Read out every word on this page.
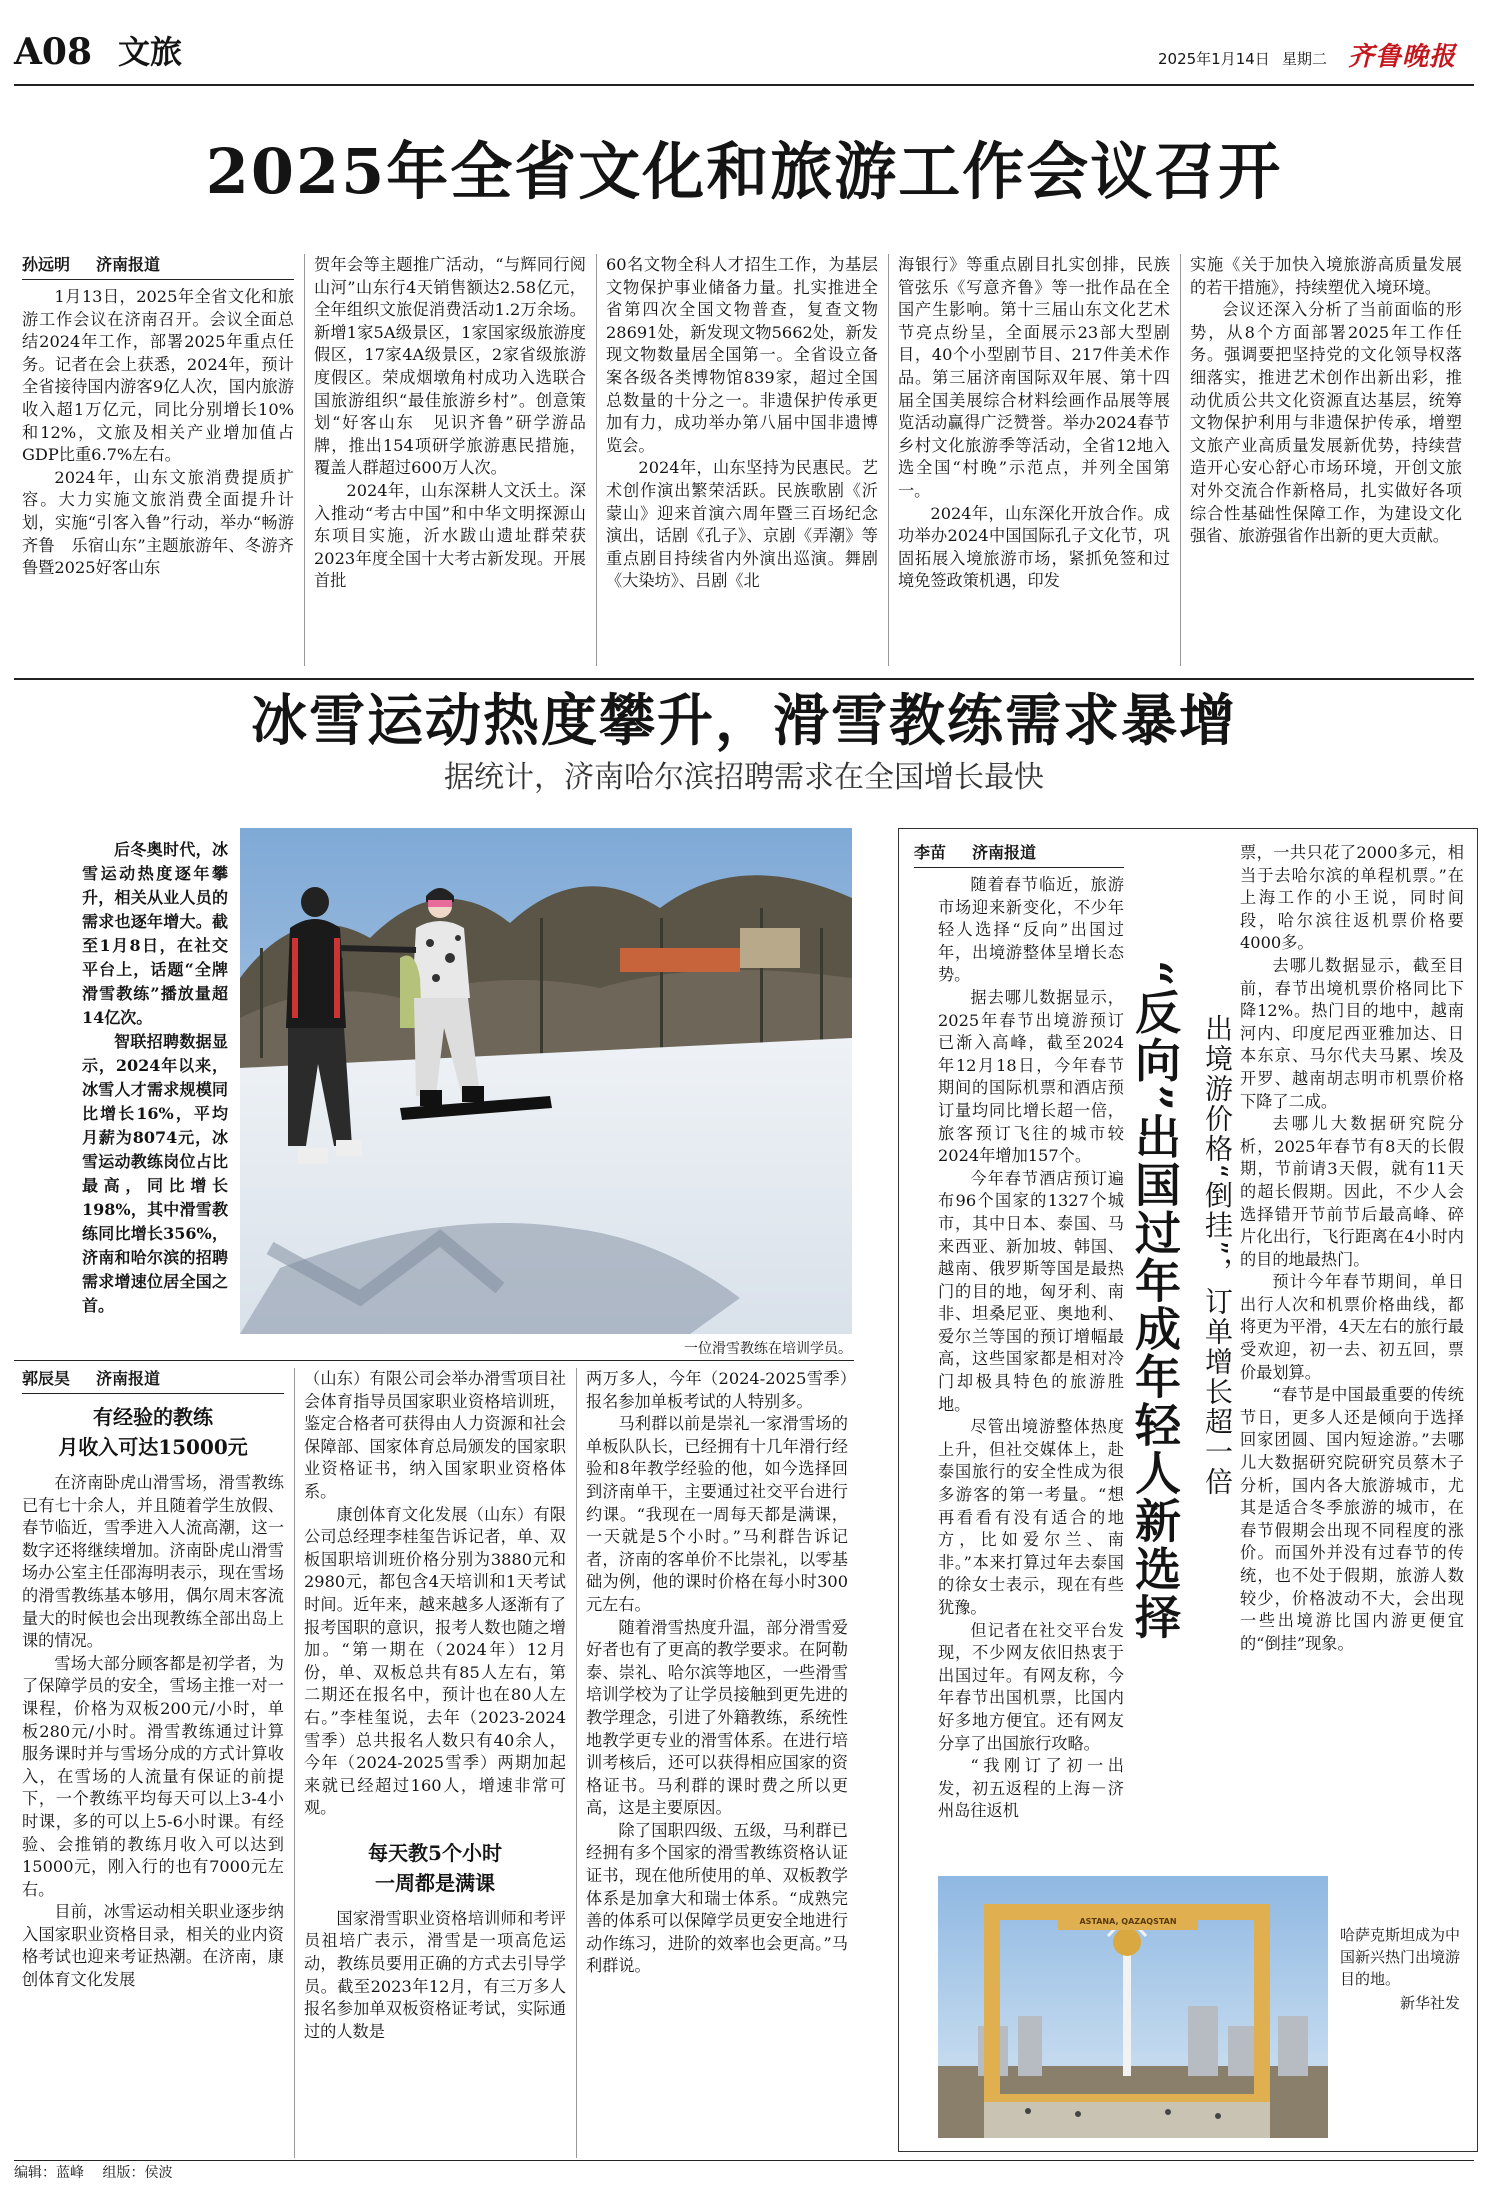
A08 文旅	2025年1月14日 星期二 齐鲁晚报
2025年全省文化和旅游工作会议召开
孙远明 济南报道

1月13日，2025年全省文化和旅游工作会议在济南召开。会议全面总结2024年工作，部署2025年重点任务。记者在会上获悉，2024年，预计全省接待国内游客9亿人次，国内旅游收入超1万亿元，同比分别增长10%和12%，文旅及相关产业增加值占GDP比重6.7%左右。

2024年，山东文旅消费提质扩容。大力实施文旅消费全面提升计划，实施“引客入鲁”行动，举办“畅游齐鲁　乐宿山东”主题旅游年、冬游齐鲁暨2025好客山东

贺年会等主题推广活动，“与辉同行阅山河”山东行4天销售额达2.58亿元，全年组织文旅促消费活动1.2万余场。新增1家5A级景区，1家国家级旅游度假区，17家4A级景区，2家省级旅游度假区。荣成烟墩角村成功入选联合国旅游组织“最佳旅游乡村”。创意策划“好客山东　见识齐鲁”研学游品牌，推出154项研学旅游惠民措施，覆盖人群超过600万人次。

2024年，山东深耕人文沃土。深入推动“考古中国”和中华文明探源山东项目实施，沂水跋山遗址群荣获2023年度全国十大考古新发现。开展首批

60名文物全科人才招生工作，为基层文物保护事业储备力量。扎实推进全省第四次全国文物普查，复查文物28691处，新发现文物5662处，新发现文物数量居全国第一。全省设立备案各级各类博物馆839家，超过全国总数量的十分之一。非遗保护传承更加有力，成功举办第八届中国非遗博览会。

2024年，山东坚持为民惠民。艺术创作演出繁荣活跃。民族歌剧《沂蒙山》迎来首演六周年暨三百场纪念演出，话剧《孔子》、京剧《弄潮》等重点剧目持续省内外演出巡演。舞剧《大染坊》、吕剧《北

海银行》等重点剧目扎实创排，民族管弦乐《写意齐鲁》等一批作品在全国产生影响。第十三届山东文化艺术节亮点纷呈，全面展示23部大型剧目，40个小型剧节目、217件美术作品。第三届济南国际双年展、第十四届全国美展综合材料绘画作品展等展览活动赢得广泛赞誉。举办2024春节乡村文化旅游季等活动，全省12地入选全国“村晚”示范点，并列全国第一。

2024年，山东深化开放合作。成功举办2024中国国际孔子文化节，巩固拓展入境旅游市场，紧抓免签和过境免签政策机遇，印发

实施《关于加快入境旅游高质量发展的若干措施》，持续塑优入境环境。

会议还深入分析了当前面临的形势，从8个方面部署2025年工作任务。强调要把坚持党的文化领导权落细落实，推进艺术创作出新出彩，推动优质公共文化资源直达基层，统筹文物保护利用与非遗保护传承，增塑文旅产业高质量发展新优势，持续营造开心安心舒心市场环境，开创文旅对外交流合作新格局，扎实做好各项综合性基础性保障工作，为建设文化强省、旅游强省作出新的更大贡献。

冰雪运动热度攀升，滑雪教练需求暴增
据统计，济南哈尔滨招聘需求在全国增长最快

后冬奥时代，冰雪运动热度逐年攀升，相关从业人员的需求也逐年增大。截至1月8日，在社交平台上，话题“全牌滑雪教练”播放量超14亿次。

智联招聘数据显示，2024年以来，冰雪人才需求规模同比增长16%，平均月薪为8074元，冰雪运动教练岗位占比最高，同比增长198%，其中滑雪教练同比增长356%，济南和哈尔滨的招聘需求增速位居全国之首。

一位滑雪教练在培训学员。
郭辰昊 济南报道
有经验的教练
月收入可达15000元

在济南卧虎山滑雪场，滑雪教练已有七十余人，并且随着学生放假、春节临近，雪季进入人流高潮，这一数字还将继续增加。济南卧虎山滑雪场办公室主任邵海明表示，现在雪场的滑雪教练基本够用，偶尔周末客流量大的时候也会出现教练全部出岛上课的情况。

雪场大部分顾客都是初学者，为了保障学员的安全，雪场主推一对一课程，价格为双板200元/小时，单板280元/小时。滑雪教练通过计算服务课时并与雪场分成的方式计算收入，在雪场的人流量有保证的前提下，一个教练平均每天可以上3-4小时课，多的可以上5-6小时课。有经验、会推销的教练月收入可以达到15000元，刚入行的也有7000元左右。

目前，冰雪运动相关职业逐步纳入国家职业资格目录，相关的业内资格考试也迎来考证热潮。在济南，康创体育文化发展

（山东）有限公司会举办滑雪项目社会体育指导员国家职业资格培训班，鉴定合格者可获得由人力资源和社会保障部、国家体育总局颁发的国家职业资格证书，纳入国家职业资格体系。

康创体育文化发展（山东）有限公司总经理李桂玺告诉记者，单、双板国职培训班价格分别为3880元和2980元，都包含4天培训和1天考试时间。近年来，越来越多人逐渐有了报考国职的意识，报考人数也随之增加。“第一期在（2024年）12月份，单、双板总共有85人左右，第二期还在报名中，预计也在80人左右。”李桂玺说，去年（2023-2024雪季）总共报名人数只有40余人，今年（2024-2025雪季）两期加起来就已经超过160人，增速非常可观。

每天教5个小时
一周都是满课

国家滑雪职业资格培训师和考评员祖培广表示，滑雪是一项高危运动，教练员要用正确的方式去引导学员。截至2023年12月，有三万多人报名参加单双板资格证考试，实际通过的人数是

两万多人，今年（2024-2025雪季）报名参加单板考试的人特别多。

马利群以前是崇礼一家滑雪场的单板队队长，已经拥有十几年滑行经验和8年教学经验的他，如今选择回到济南单干，主要通过社交平台进行约课。“我现在一周每天都是满课，一天就是5个小时。”马利群告诉记者，济南的客单价不比崇礼，以零基础为例，他的课时价格在每小时300元左右。

随着滑雪热度升温，部分滑雪爱好者也有了更高的教学要求。在阿勒泰、崇礼、哈尔滨等地区，一些滑雪培训学校为了让学员接触到更先进的教学理念，引进了外籍教练，系统性地教学更专业的滑雪体系。在进行培训考核后，还可以获得相应国家的资格证书。马利群的课时费之所以更高，这是主要原因。

除了国职四级、五级，马利群已经拥有多个国家的滑雪教练资格认证证书，现在他所使用的单、双板教学体系是加拿大和瑞士体系。“成熟完善的体系可以保障学员更安全地进行动作练习，进阶的效率也会更高。”马利群说。

李苗 济南报道

随着春节临近，旅游市场迎来新变化，不少年轻人选择“反向”出国过年，出境游整体呈增长态势。

据去哪儿数据显示，2025年春节出境游预订已渐入高峰，截至2024年12月18日，今年春节期间的国际机票和酒店预订量均同比增长超一倍，旅客预订飞往的城市较2024年增加157个。

今年春节酒店预订遍布96个国家的1327个城市，其中日本、泰国、马来西亚、新加坡、韩国、越南、俄罗斯等国是最热门的目的地，匈牙利、南非、坦桑尼亚、奥地利、爱尔兰等国的预订增幅最高，这些国家都是相对冷门却极具特色的旅游胜地。

尽管出境游整体热度上升，但社交媒体上，赴泰国旅行的安全性成为很多游客的第一考量。“想再看看有没有适合的地方，比如爱尔兰、南非。”本来打算过年去泰国的徐女士表示，现在有些犹豫。

但记者在社交平台发现，不少网友依旧热衷于出国过年。有网友称，今年春节出国机票，比国内好多地方便宜。还有网友分享了出国旅行攻略。

“我刚订了初一出发，初五返程的上海－济州岛往返机

“反向”出国过年成年轻人新选择 出境游价格“倒挂”，订单增长超一倍

票，一共只花了2000多元，相当于去哈尔滨的单程机票。”在上海工作的小王说，同时间段，哈尔滨往返机票价格要4000多。

去哪儿数据显示，截至目前，春节出境机票价格同比下降12%。热门目的地中，越南河内、印度尼西亚雅加达、日本东京、马尔代夫马累、埃及开罗、越南胡志明市机票价格下降了二成。

去哪儿大数据研究院分析，2025年春节有8天的长假期，节前请3天假，就有11天的超长假期。因此，不少人会选择错开节前节后最高峰、碎片化出行，飞行距离在4小时内的目的地最热门。

预计今年春节期间，单日出行人次和机票价格曲线，都将更为平滑，4天左右的旅行最受欢迎，初一去、初五回，票价最划算。

“春节是中国最重要的传统节日，更多人还是倾向于选择回家团圆、国内短途游。”去哪儿大数据研究院研究员蔡木子分析，国内各大旅游城市，尤其是适合冬季旅游的城市，在春节假期会出现不同程度的涨价。而国外并没有过春节的传统，也不处于假期，旅游人数较少，价格波动不大，会出现一些出境游比国内游更便宜的“倒挂”现象。

ASTANA, QAZAQSTAN
哈萨克斯坦成为中国新兴热门出境游目的地。
新华社发
编辑：蓝峰 组版：侯波
